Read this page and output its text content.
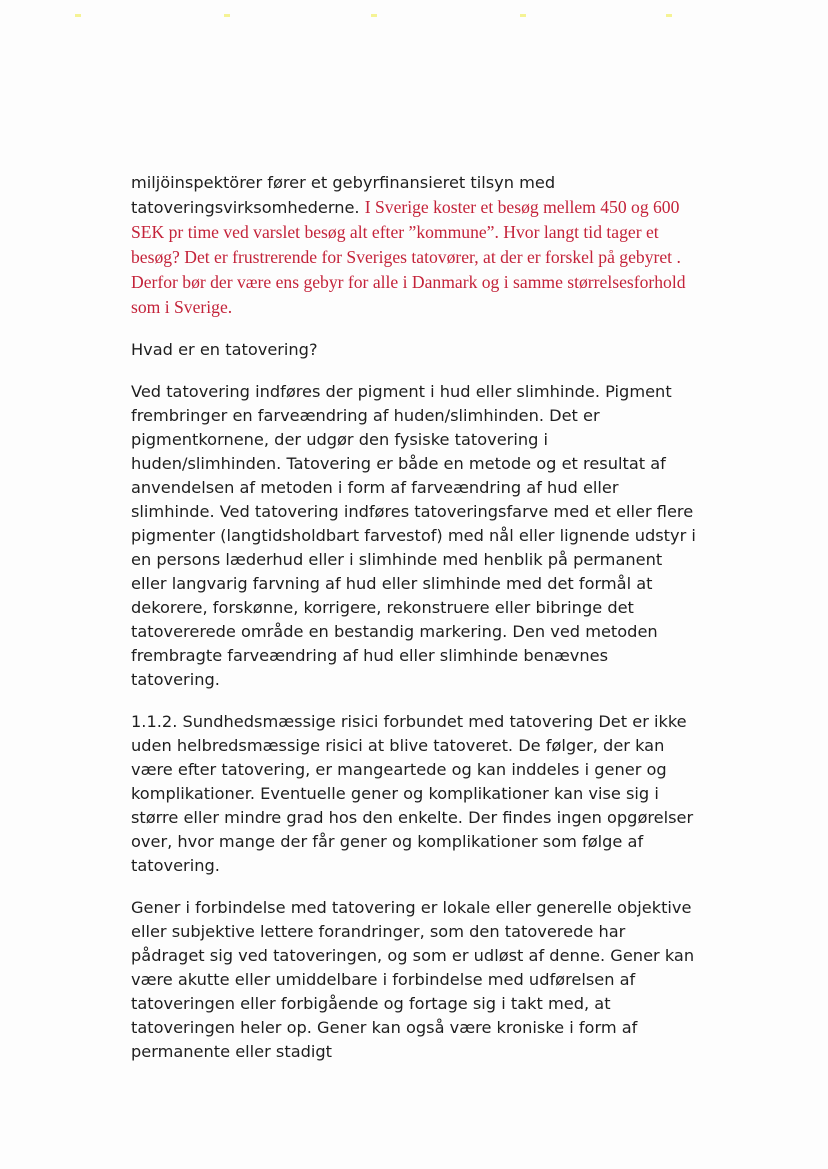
miljöinspektörer fører et gebyrfinansieret tilsyn med tatoveringsvirksomhederne. I Sverige koster et besøg mellem 450 og 600 SEK pr time ved varslet besøg alt efter ”kommune”. Hvor langt tid tager et besøg? Det er frustrerende for Sveriges tatovører, at der er forskel på gebyret . Derfor bør der være ens gebyr for alle i Danmark og i samme størrelsesforhold som i Sverige.

Hvad er en tatovering?

Ved tatovering indføres der pigment i hud eller slimhinde. Pigment frembringer en farveændring af huden/slimhinden. Det er pigmentkornene, der udgør den fysiske tatovering i huden/slimhinden. Tatovering er både en metode og et resultat af anvendelsen af metoden i form af farveændring af hud eller slimhinde. Ved tatovering indføres tatoveringsfarve med et eller flere pigmenter (langtidsholdbart farvestof) med nål eller lignende udstyr i en persons læderhud eller i slimhinde med henblik på permanent eller langvarig farvning af hud eller slimhinde med det formål at dekorere, forskønne, korrigere, rekonstruere eller bibringe det tatovererede område en bestandig markering. Den ved metoden frembragte farveændring af hud eller slimhinde benævnes tatovering.

1.1.2. Sundhedsmæssige risici forbundet med tatovering Det er ikke uden helbredsmæssige risici at blive tatoveret. De følger, der kan være efter tatovering, er mangeartede og kan inddeles i gener og komplikationer. Eventuelle gener og komplikationer kan vise sig i større eller mindre grad hos den enkelte. Der findes ingen opgørelser over, hvor mange der får gener og komplikationer som følge af tatovering.

Gener i forbindelse med tatovering er lokale eller generelle objektive eller subjektive lettere forandringer, som den tatoverede har pådraget sig ved tatoveringen, og som er udløst af denne. Gener kan være akutte eller umiddelbare i forbindelse med udførelsen af tatoveringen eller forbigående og fortage sig i takt med, at tatoveringen heler op. Gener kan også være kroniske i form af permanente eller stadigt
